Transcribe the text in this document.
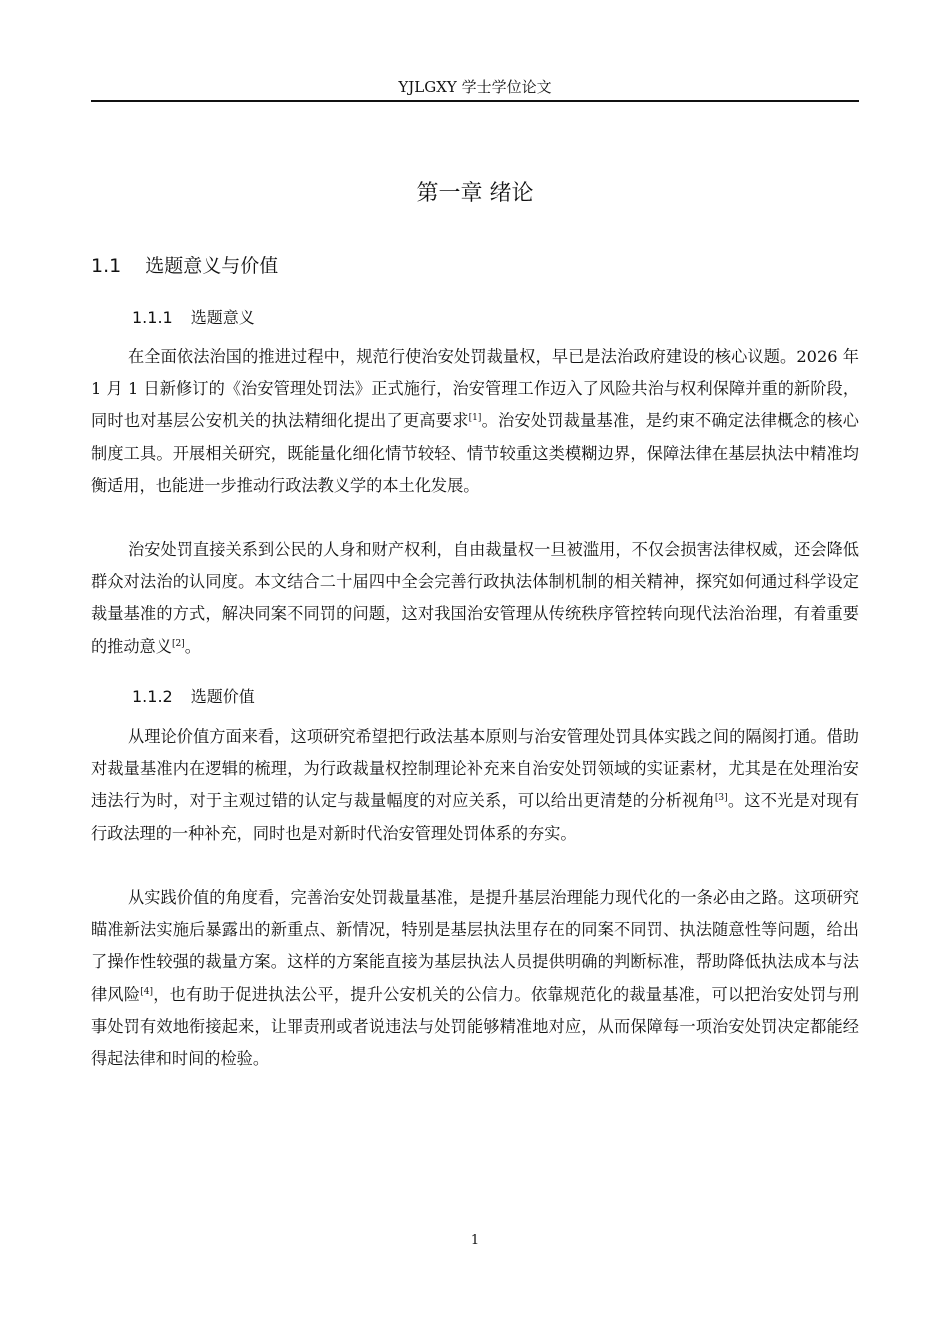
YJLGXY 学士学位论文
第一章 绪论
1.1 选题意义与价值
1.1.1 选题意义

在全面依法治国的推进过程中，规范行使治安处罚裁量权，早已是法治政府建设的核心议题。2026 年 1 月 1 日新修订的《治安管理处罚法》正式施行，治安管理工作迈入了风险共治与权利保障并重的新阶段，同时也对基层公安机关的执法精细化提出了更高要求[1]。治安处罚裁量基准，是约束不确定法律概念的核心制度工具。开展相关研究，既能量化细化情节较轻、情节较重这类模糊边界，保障法律在基层执法中精准均衡适用，也能进一步推动行政法教义学的本土化发展。

治安处罚直接关系到公民的人身和财产权利，自由裁量权一旦被滥用，不仅会损害法律权威，还会降低群众对法治的认同度。本文结合二十届四中全会完善行政执法体制机制的相关精神，探究如何通过科学设定裁量基准的方式，解决同案不同罚的问题，这对我国治安管理从传统秩序管控转向现代法治治理，有着重要的推动意义[2]。

1.1.2 选题价值

从理论价值方面来看，这项研究希望把行政法基本原则与治安管理处罚具体实践之间的隔阂打通。借助对裁量基准内在逻辑的梳理，为行政裁量权控制理论补充来自治安处罚领域的实证素材，尤其是在处理治安违法行为时，对于主观过错的认定与裁量幅度的对应关系，可以给出更清楚的分析视角[3]。这不光是对现有行政法理的一种补充，同时也是对新时代治安管理处罚体系的夯实。

从实践价值的角度看，完善治安处罚裁量基准，是提升基层治理能力现代化的一条必由之路。这项研究瞄准新法实施后暴露出的新重点、新情况，特别是基层执法里存在的同案不同罚、执法随意性等问题，给出了操作性较强的裁量方案。这样的方案能直接为基层执法人员提供明确的判断标准，帮助降低执法成本与法律风险[4]，也有助于促进执法公平，提升公安机关的公信力。依靠规范化的裁量基准，可以把治安处罚与刑事处罚有效地衔接起来，让罪责刑或者说违法与处罚能够精准地对应，从而保障每一项治安处罚决定都能经得起法律和时间的检验。

1
